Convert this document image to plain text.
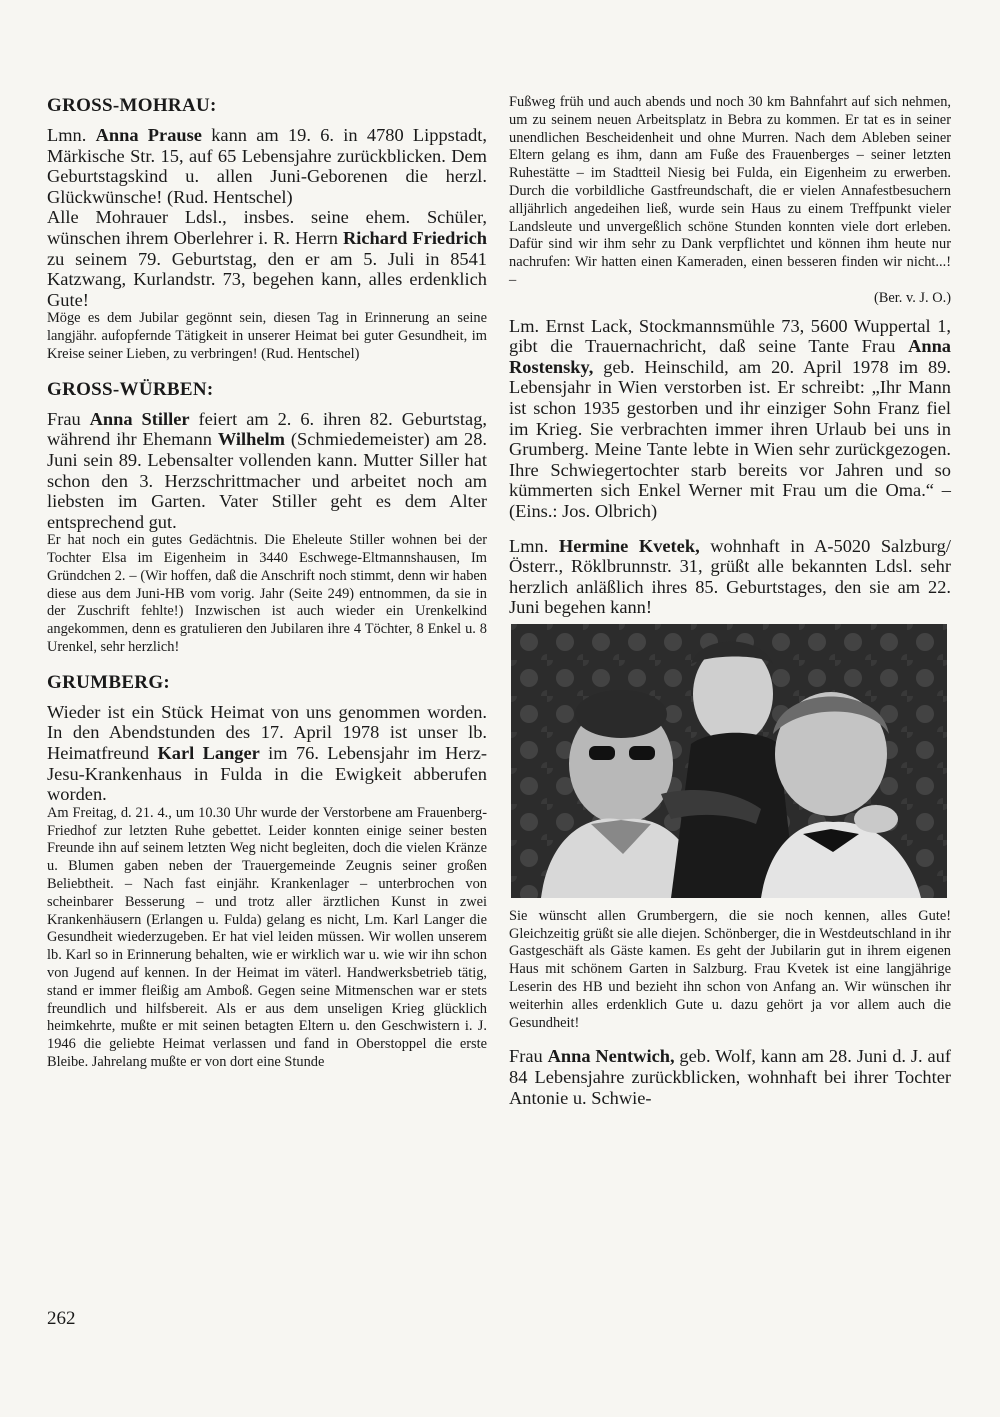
GROSS-MOHRAU:

Lmn. Anna Prause kann am 19. 6. in 4780 Lippstadt, Märkische Str. 15, auf 65 Lebensjahre zurückblicken. Dem Geburtstagskind u. allen Juni-Geborenen die herzl. Glückwünsche! (Rud. Hentschel)

Alle Mohrauer Ldsl., insbes. seine ehem. Schüler, wünschen ihrem Oberlehrer i. R. Herrn Richard Friedrich zu seinem 79. Geburtstag, den er am 5. Juli in 8541 Katzwang, Kurlandstr. 73, begehen kann, alles erdenklich Gute!

Möge es dem Jubilar gegönnt sein, diesen Tag in Erinnerung an seine langjähr. aufopfernde Tätigkeit in unserer Heimat bei guter Gesundheit, im Kreise seiner Lieben, zu verbringen! (Rud. Hentschel)

GROSS-WÜRBEN:

Frau Anna Stiller feiert am 2. 6. ihren 82. Geburtstag, während ihr Ehemann Wilhelm (Schmiedemeister) am 28. Juni sein 89. Lebensalter vollenden kann. Mutter Siller hat schon den 3. Herzschrittmacher und arbeitet noch am liebsten im Garten. Vater Stiller geht es dem Alter entsprechend gut.

Er hat noch ein gutes Gedächtnis. Die Eheleute Stiller wohnen bei der Tochter Elsa im Eigenheim in 3440 Eschwege-Eltmannshausen, Im Gründchen 2. – (Wir hoffen, daß die Anschrift noch stimmt, denn wir haben diese aus dem Juni-HB vom vorig. Jahr (Seite 249) entnommen, da sie in der Zuschrift fehlte!) Inzwischen ist auch wieder ein Urenkelkind angekommen, denn es gratulieren den Jubilaren ihre 4 Töchter, 8 Enkel u. 8 Urenkel, sehr herzlich!

GRUMBERG:

Wieder ist ein Stück Heimat von uns genommen worden. In den Abendstunden des 17. April 1978 ist unser lb. Heimatfreund Karl Langer im 76. Lebensjahr im Herz-Jesu-Krankenhaus in Fulda in die Ewigkeit abberufen worden.

Am Freitag, d. 21. 4., um 10.30 Uhr wurde der Verstorbene am Frauenberg-Friedhof zur letzten Ruhe gebettet. Leider konnten einige seiner besten Freunde ihn auf seinem letzten Weg nicht begleiten, doch die vielen Kränze u. Blumen gaben neben der Trauergemeinde Zeugnis seiner großen Beliebtheit. – Nach fast einjähr. Krankenlager – unterbrochen von scheinbarer Besserung – und trotz aller ärztlichen Kunst in zwei Krankenhäusern (Erlangen u. Fulda) gelang es nicht, Lm. Karl Langer die Gesundheit wiederzugeben. Er hat viel leiden müssen. Wir wollen unserem lb. Karl so in Erinnerung behalten, wie er wirklich war u. wie wir ihn schon von Jugend auf kennen. In der Heimat im väterl. Handwerksbetrieb tätig, stand er immer fleißig am Amboß. Gegen seine Mitmenschen war er stets freundlich und hilfsbereit. Als er aus dem unseligen Krieg glücklich heimkehrte, mußte er mit seinen betagten Eltern u. den Geschwistern i. J. 1946 die geliebte Heimat verlassen und fand in Oberstoppel die erste Bleibe. Jahrelang mußte er von dort eine Stunde

Fußweg früh und auch abends und noch 30 km Bahnfahrt auf sich nehmen, um zu seinem neuen Arbeitsplatz in Bebra zu kommen. Er tat es in seiner unendlichen Bescheidenheit und ohne Murren. Nach dem Ableben seiner Eltern gelang es ihm, dann am Fuße des Frauenberges – seiner letzten Ruhestätte – im Stadtteil Niesig bei Fulda, ein Eigenheim zu erwerben. Durch die vorbildliche Gastfreundschaft, die er vielen Annafestbesuchern alljährlich angedeihen ließ, wurde sein Haus zu einem Treffpunkt vieler Landsleute und unvergeßlich schöne Stunden konnten viele dort erleben. Dafür sind wir ihm sehr zu Dank verpflichtet und können ihm heute nur nachrufen: Wir hatten einen Kameraden, einen besseren finden wir nicht...! –

(Ber. v. J. O.)

Lm. Ernst Lack, Stockmannsmühle 73, 5600 Wuppertal 1, gibt die Trauernachricht, daß seine Tante Frau Anna Rostensky, geb. Heinschild, am 20. April 1978 im 89. Lebensjahr in Wien verstorben ist. Er schreibt: „Ihr Mann ist schon 1935 gestorben und ihr einziger Sohn Franz fiel im Krieg. Sie verbrachten immer ihren Urlaub bei uns in Grumberg. Meine Tante lebte in Wien sehr zurückgezogen. Ihre Schwiegertochter starb bereits vor Jahren und so kümmerten sich Enkel Werner mit Frau um die Oma.“ – (Eins.: Jos. Olbrich)

Lmn. Hermine Kvetek, wohnhaft in A-5020 Salzburg/Österr., Röklbrunnstr. 31, grüßt alle bekannten Ldsl. sehr herzlich anläßlich ihres 85. Geburtstages, den sie am 22. Juni begehen kann!

Sie wünscht allen Grumbergern, die sie noch kennen, alles Gute! Gleichzeitig grüßt sie alle diejen. Schönberger, die in Westdeutschland in ihr Gastgeschäft als Gäste kamen. Es geht der Jubilarin gut in ihrem eigenen Haus mit schönem Garten in Salzburg. Frau Kvetek ist eine langjährige Leserin des HB und bezieht ihn schon von Anfang an. Wir wünschen ihr weiterhin alles erdenklich Gute u. dazu gehört ja vor allem auch die Gesundheit!

Frau Anna Nentwich, geb. Wolf, kann am 28. Juni d. J. auf 84 Lebensjahre zurückblicken, wohnhaft bei ihrer Tochter Antonie u. Schwie-

262
